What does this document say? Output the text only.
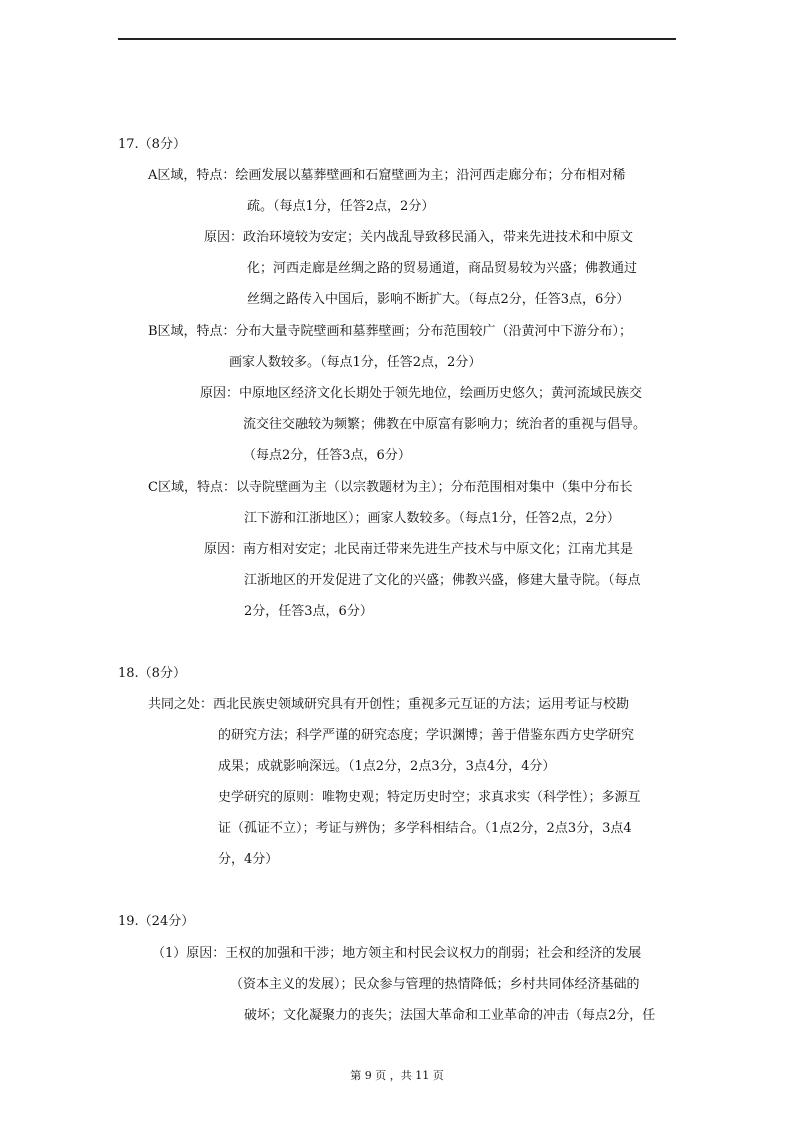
17.（8分）
A区域，特点：绘画发展以墓葬壁画和石窟壁画为主；沿河西走廊分布；分布相对稀
疏。（每点1分，任答2点，2分）
原因：政治环境较为安定；关内战乱导致移民涌入，带来先进技术和中原文
化；河西走廊是丝绸之路的贸易通道，商品贸易较为兴盛；佛教通过
丝绸之路传入中国后，影响不断扩大。（每点2分，任答3点，6分）
B区域，特点：分布大量寺院壁画和墓葬壁画；分布范围较广（沿黄河中下游分布）；
画家人数较多。（每点1分，任答2点，2分）
原因：中原地区经济文化长期处于领先地位，绘画历史悠久；黄河流域民族交
流交往交融较为频繁；佛教在中原富有影响力；统治者的重视与倡导。
（每点2分，任答3点，6分）
C区域，特点：以寺院壁画为主（以宗教题材为主）；分布范围相对集中（集中分布长
江下游和江浙地区）；画家人数较多。（每点1分，任答2点，2分）
原因：南方相对安定；北民南迁带来先进生产技术与中原文化；江南尤其是
江浙地区的开发促进了文化的兴盛；佛教兴盛，修建大量寺院。（每点
2分，任答3点，6分）
18.（8分）
共同之处：西北民族史领域研究具有开创性；重视多元互证的方法；运用考证与校勘
的研究方法；科学严谨的研究态度；学识渊博；善于借鉴东西方史学研究
成果；成就影响深远。（1点2分，2点3分，3点4分，4分）
史学研究的原则：唯物史观；特定历史时空；求真求实（科学性）；多源互
证（孤证不立）；考证与辨伪；多学科相结合。（1点2分，2点3分，3点4
分，4分）
19.（24分）
（1）原因：王权的加强和干涉；地方领主和村民会议权力的削弱；社会和经济的发展
（资本主义的发展）；民众参与管理的热情降低；乡村共同体经济基础的
破坏；文化凝聚力的丧失；法国大革命和工业革命的冲击（每点2分，任
第 9 页 ，共 11 页
